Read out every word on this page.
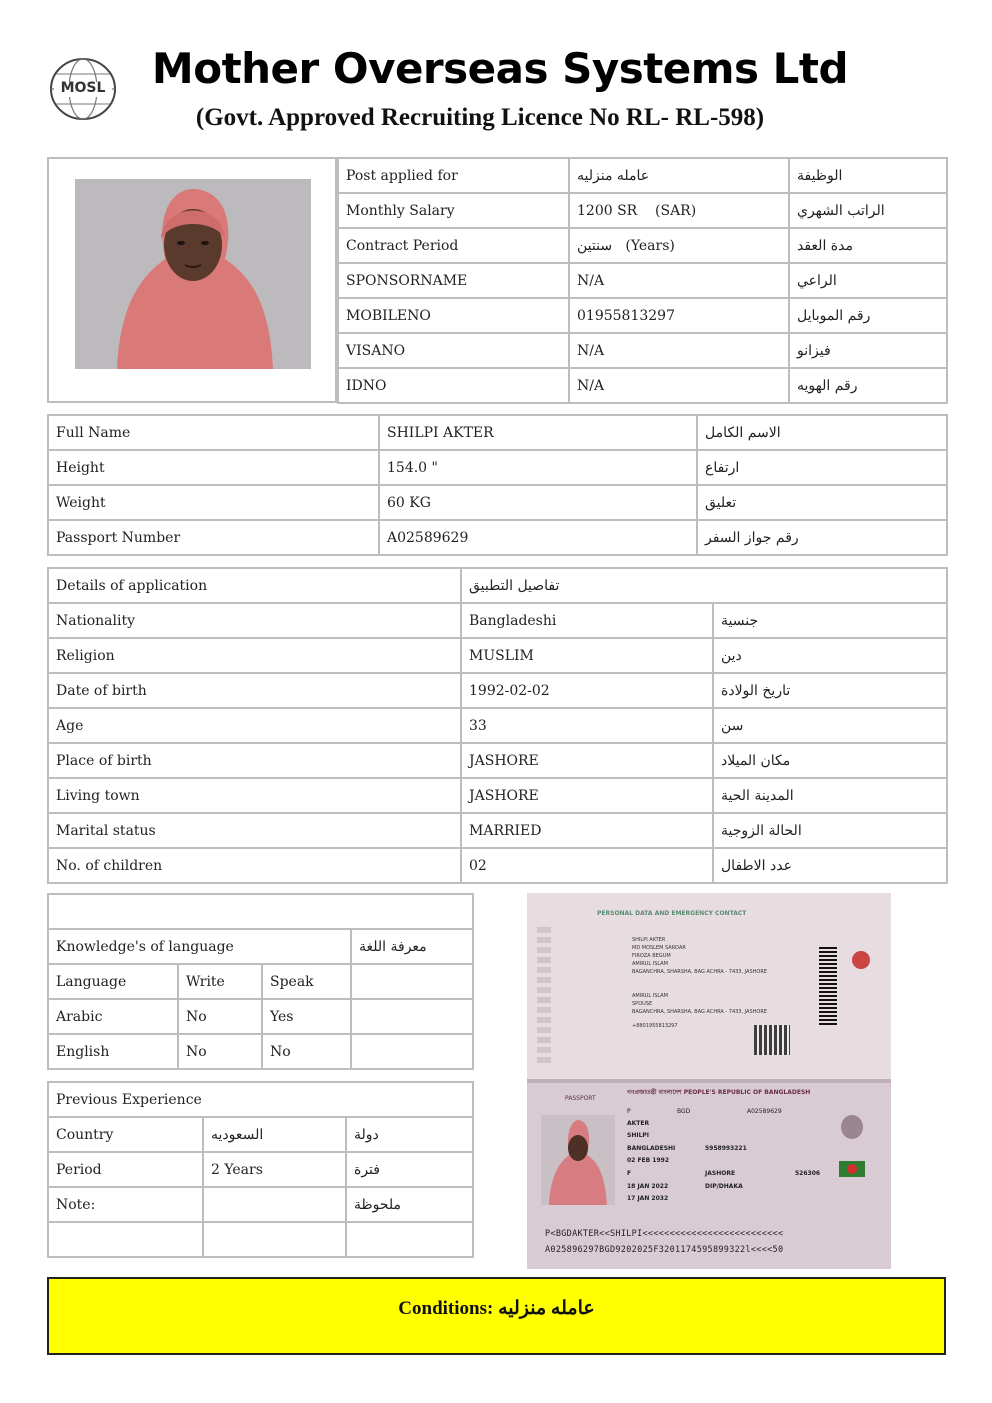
MOSL Mother Overseas Systems Ltd
(Govt. Approved Recruiting Licence No RL- RL-598)
Post applied for	عامله منزليه	الوظيفة
Monthly Salary	1200 SR    (SAR)	الراتب الشهري
Contract Period	سنتين   (Years)	مدة العقد
SPONSORNAME	N/A	الراعي
MOBILENO	01955813297	رقم الموبايل
VISANO	N/A	فيزانو
IDNO	N/A	رقم الهويه
Full Name	SHILPI AKTER	الاسم الكامل
Height	154.0 "	ارتفاع
Weight	60 KG	تعليق
Passport Number	A02589629	رقم جواز السفر
Details of application	تفاصيل التطبيق	
Nationality	Bangladeshi	جنسية
Religion	MUSLIM	دين
Date of birth	1992-02-02	تاريخ الولادة
Age	33	سن
Place of birth	JASHORE	مكان الميلاد
Living town	JASHORE	المدينة الحية
Marital status	MARRIED	الحالة الزوجية
No. of children	02	عدد الاطفال

Knowledge's of language			معرفة اللغة
Language	Write	Speak	
Arabic	No	Yes	
English	No	No	
Previous Experience		
Country	السعوديه	دولة
Period	2 Years	فترة
Note:		ملحوظة

PERSONAL DATA AND EMERGENCY CONTACT
SHILPI AKTER
MD MOSLEM SARDAR
FIROZA BEGUM
AMIRUL ISLAM
BAGANCHRA, SHARSHA, BAG ACHRA - 7433, JASHORE
AMIRUL ISLAM
SPOUSE
BAGANCHRA, SHARSHA, BAG ACHRA - 7433, JASHORE
+8801955813297
গণপ্রজাতন্ত্রী বাংলাদেশ PEOPLE'S REPUBLIC OF BANGLADESH
PASSPORT
P	BGD	A02589629
AKTER
SHILPI
BANGLADESHI	5958993221
02 FEB 1992
F	JASHORE	526306
18 JAN 2022	DIP/DHAKA
17 JAN 2032
P<BGDAKTER<<SHILPI<<<<<<<<<<<<<<<<<<<<<<<<<<
A025896297BGD9202025F3201174595899322l<<<<50
Conditions: عامله منزليه
